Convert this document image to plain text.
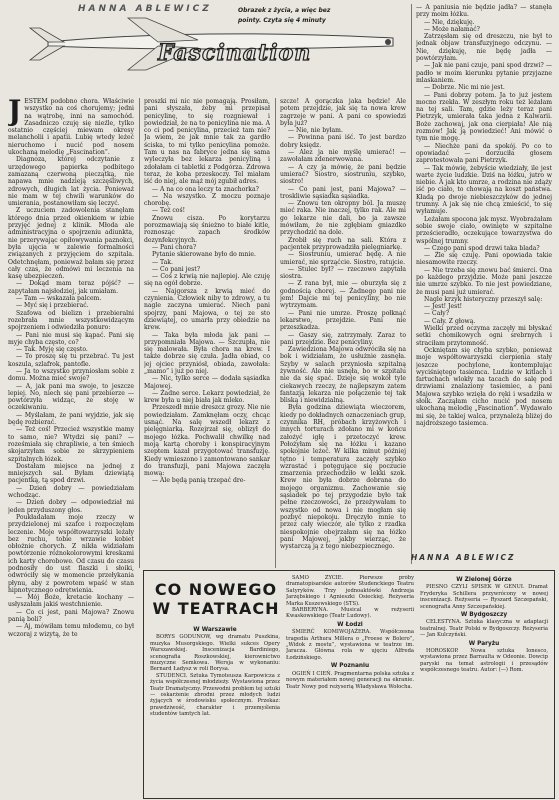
HANNA ABLEWICZ	Obrazek z życia, a więc bez
pointy. Czyta się 4 minuty
Fascination

JESTEM podobno chora. Właściwie wszystko na coś chorujemy; jedni na wątrobę, inni na samochód. Zasadniczo czuję się nieźle, tylko ostatnio częściej miewam okresy melancholii i apatii. Lubię wtedy leżeć nieruchomo i nucić pod nosem ukochaną melodię „Fascination”.

Diagnoza, której odczytanie z urzędowego papierka podbitego zamazaną czerwoną pieczątką, nie napawa mnie nadzieją szczęśliwych, zdrowych, długich lat życia. Ponieważ nie mam w tej chwili warunków do umierania, postanowiłam się leczyć.

Z uczuciem zadowolenia stanęłam którego dnia przed okienkiem w izbie przyjęć jednej z klinik. Młoda ale administracyjna o spojrzeniu adiunkta, nie przerywając opiłowywania paznokci, była ujęcia w zalewie formalności związanych z przyjęciem do szpitala. Odetchnęłam, ponieważ bałam się przez cały czas, że odmówi mi leczenia na kasę ubezpieczeń.

— Dokąd mam teraz pójść? — zapytałam najsłodziej, jak umiałam.

— Tam — wskazała palcem.

— Myć się i przebierać.

Szafowa od bielizn i przebieralni rozebrała mnie wszystkowidzącym spojrzeniem i odwiedziła ponuro:

— Pani nie musi się kąpać. Pani się myje chyba często, co?

— Tak. Myję się często.

— To proszę się tu przebrać. Tu jest koszula, szlafrok, pantofle.

— Ja to wszystko przyniosłam sobie z domu. Można mieć swoje?

— A, jak pani ma swoje, to jeszcze lepiej. No, niech się pani przebierze — powtórzyła widząc, że stoję w oczekiwaniu.

— Myślałam, że pani wyjdzie, jak się będę rozbierać.

— Też coś! Przecież wszystkie mamy to samo, nie? Wtydzi się pani? — roześmiała się chrapliwie, a ten śmiech skojarzyłam sobie ze skrzypieniem szpitalnych łóżek.

Dostałam miejsce na jednej z mniejszych sal. Byłam dziewiątą pacjentką, tą spod drzwi.

— Dzień dobry — powiedziałam wchodząc.

— Dzień dobry — odpowiedział mi jeden przyduszony głos.

Poukładałam moje rzeczy w przydzielonej mi szafce i rozpoczęłam leczenie. Moje współtowarzyszki leżały bez ruchu, tobie wrzawie kobiet obłożnie chorych. Z nikła widziałam powtórzenie różnokolorowymi kreskami ich karty chorobowe. Od czasu do czasu podnosiły do ust flaszki i słoiki, odwróciły się w momencie przełykania płynu, aby z powrotem wpaść w stan hipnotycznego odrętwienia.

— Mój Boże, kretacie kochany — usłyszałam jakiś westchnienie.

— Co ci jest, pani Majowa? Znowu panią boli?

— Aj, mówiłam temu młodemu, co był wczoraj z wizytą, że te

proszki mi nic nie pomagają. Prosiłam, pani słyszała, żeby mi przepisał penicylinę, to się rozgniewał i powiedział, że na to penicylina nie ma. A co ci pod penicylina, przecież tam nie? Ja wiem, że jak mnie tak za gardło ściska, to mi tylko penicylina pomoże. Tam u nas na fabryce jedna się sama wyleczyła bez lekarza penicyliną i zdołałam ci tabletki z Podgórza. Zdrowa teraz, że koba przeskoczy. Tel miałam iść do niej, ale mąż mój zgubił adres.

— A na co ona leczy ta znachorka?

— Na wszystko. Z moczu poznaje chorobę.

— Też coś!

Znowu cisza. Po korytarzu porozmawiają się śnieżno to białe kitle, roznosząc zapach środków dezynfekcyjnych.

— Pani chora?

Pytanie skierowane było do mnie.

— Tak.

— Co pani jest?

— Coś z krwią nie najlepiej. Ale czuję się na ogół dobrze.

— Najgorsza z krwią mieć do czynienia. Człowiek niby to zdrowy, a tu nagle zaczyna umierać. Niech pani spojrzy, pani Majowa, o tej ze sto dziewiątej, co umarła przy obiedzie na krew.

— Taka była młoda jak pani — przypomniała Majowa. — Szczupła, nie się malowała. Była chora na krew. I także dobrze się czuła. Jadła obiad, co jej ojciec przyniósł, obiada, zawołała: „mamo” i już po niej.

— Nic, tylko serce — dodała sąsiadka Majowej.

— Żadne serce. Lekarz powiedział, że krew była u niej biała jak mleko.

Przeszedł mnie dreszcz grozy. Nie nie powiedziałam. Zamknęłam oczy, chcąc usnąć. Na salę wszedł lekarz z pielęgniarką. Rozejrzał się, oblizył do mojego łóżka. Pochwalił chwilkę nad moją kartą choroby i konspiracyjnym szeptem kazał przygotować transfuzję. Kiedy wmieszono i zamontowano sankar do transfuzji, pani Majowa zaczęła mową:

— Ale będą panią trzepać dre-

szcze! A gorączka jaka będzie! Ale potem przejdzie, jak się ta nowa krew zagrzeje w pani. A pani co spowiedzi była już?

— Nie, nie byłam.

— Powinna pani iść. To jest bardzo dobry księdz.

— Alez ja nie myślę umierać! — zawołałam zdenerwowana.

— A czy ja mówię, że pani będzie umierać? Siostro, siostruniu, szybko, siostro!

— Co pani jest, pani Majowa? — troskliwie sąsiadka sąsiadka.

— Znowu ten okropny ból. Ja muszę mieć raka. Nie inaczej, tylko rak. Ale mi go lekarze nie dali, bo ja zawsze mówiłam, że nie zgłębiam gniazdko przychodzić na dole.

Zrobił się ruch na sali. Która z pacjentek przyprowadziła pielęgniarkę.

— Siostruniu, umierać będę. A nie umierać, nie sprząćcie. Siostro, ratujcie.

— Stulec był? — rzeczowo zapytała siostra.

— Z rana był, mie — oburzyła się z godnością chorej. — Żadnego pani nie jem! Dajcie mi tej penicyliny, bo nie wytrzymam.

— Pani nie umrze. Proszę połknąć lekarstwo, przejdzie. Pani nie przeszkadza.

— Gaszy się, zatrzymały. Zaraz to pani przejdzie. Bez penicyliny.

Zawiedziona Majowa odwróciła się na bok i widziałam, że usłużnie zasnęła. Szyby w salach przyniosła szpitalną żywność. Ale nie usnęła, bo w szpitalu nie da się spać. Dzieje się wokół tyle ciekawych rzeczy, że najlepszym zatem fantazją lekarza nie połączenie tej tak bliską i niewidzialną.

Była godzina dziewiąta wieczorem, kiedy po dokładnych oznaczeniach grup, czynnika RH, próbach krzyżowych i innych torturach zdołano mi w końcu założyć igłę i przetoczyć krew. Położyłam się na łóżku i kazano spokojnie leżeć. W kilka minut później tętno i temperatura zaczęły szybko wzrastać i potęgujące się poczucie zmarzenia przechodziło w lekki szok. Krew nie była dobrze dobrana do mojego organizmu. Zachowanie się sąsiadek po tej przygodzie było tak pełne rzeczowości, że przeżywałam to wszystko od nowa i nie mogłam się pozbyć niepokoju. Dręczyło mnie to przez cały wieczór, ale tylko z rzadka niespokojnie obejrzałam się na łóżko pani Majowej, jakby wierząc, że wystarczą ją z tego niebezpiecznego.

— A paniusia nie będzie jadła? — stanęła przy moim łóżku.

— Nie, dziękuję.

— Może nałamać?

Zatrzęsłam się od dreszczu, nie był to jednak objaw transfuzyjnego odczynu. — Nie, dziękuję, nie będę jadła — powtórzyłam.

— Jak nie pani czuje, pani spod drzwi? — padło w moim kierunku pytanie przyjazne mlaskaniem.

— Dobrze. Nic mi nie jest.

— Pani dobrzy potem. Ja to już jestem mocno rzekła. W zeszłym roku też leżałam na tej sali. Tam, gdzie leży teraz pani Pietrzyk, umierała taka jedna z Kalwarii. Boże zachowaj, jak ona cierpiała! Ale nią rozmów! Jak ją powiedzieć! Ani mówić o tym nie mogę.

— Niechże pani da spokój. Po co to opowiadać — dorzuciła głosem zaprotestowała pani Pietrzyk.

— Tak mówię, żebyście wiedziały, ile jest warte życie ludzkie. Dziś na łóżku, jutro w niebie. A jak kto umrze, a rodzina nie zdąży iść po ciało, to chowają na koszt państwa. Kładą po dwoje niebieszczyków do jednej trumny. A jak się nie chcą zmieścić, to się wyłamuje.

Leżałam spocona jak mysz. Wyobrażałam sobie swoje ciało, owinięte w szpitalne prześcieradło, oczekujące towarzystwa do wspólnej trumny.

— Czego pani spod drzwi taka blada?

— Źle się czuję. Pani opowiada takie niesamowite rzeczy.

— Nie trzeba się znowu bać śmierci. Ona po każdego przyjdzie. Może pani jeszcze nie umrze szybko. To nie jest powiedziane, że musi pani już umierać.

Nagle krzyk histeryczny przeszył salę:

— Jest! Jest!

— Cały?

— Cały. Z głową.

Wielki przed oczyma zaczęły mi błyskać setki chomikowych ogni srebrnych i straciłam przytomność.

Ockniętam się chyba szybko, ponieważ moje współtowarzyszki cierpienia stały jeszcze pochylone, kontemplując wyciśniętego tasiemca. Ludzie w kitlach i fartuchach wlokły na tacach do salę pod drzwiami znalaziony tasiemiec, a pani Majowa szybko wzięła do ręki i wsadziła w słoik. Zacząłam cicho nucić pod nosem ukochaną melodię „Fascination”. Wydawało mi się, że takiej walca, przynależą bliżej do najdroższego tasiemca.

HANNA ABLEWICZ
CO NOWEGO W TEATRACH
W Warszawie

BORYS GODUNOW, wg dramatu Puszkina, muzyka Musorgskiego. Wielki sukces Opery Warszawskiej. Inscenizacja Bardiniego, scenografia Roszkowskiej, kierownictwo muzyczne Semkowa. Wersja w wykonaniu: Bernard Ładysz w roli Borysa.

STUDENCI. Sztuka Tymoteusza Karpowicza z życia współczesnej młodzieży. Wystawiona przez Teatr Dramatyczny. Przewodni problem tej sztuki — oskarżenie zbrodni przez młodych ludzi żyjących w środowisku społecznym. Przekaz: prawdziwość, charakter i przemyślenia studentów tamtych lat.

SAMO ŻYCIE. Pierwsze próby dramatopisarskie autorów Studenckiego Teatru Satyryków. Trzy jednoaktówki Andrzeja Jarzębskiego i Agnieszki Osieckiej. Reżyseria Marka Kuszewskiego (STS).

BARBERYNA. Musical w reżyserii Kwaskowskiego (Teatr Ludowy).

W Łodzi

ŚMIERĆ KOMIWOJAŻERA. Współczesna tragedia Arthura Millera o „Froese w Bolero”, „Widok z mostu”, wystawiona w teatrze im. Jaracza. Główna rola w ujęciu Alfreda Łodzińskiego.

W Poznaniu

OGIEŃ I CIEŃ. Pragmentarna polska sztuka z nowym materiałem nowej generacji na ekranie. Teatr Nowy pod reżyserią Władysława Wołocha.

W Zielonej Górze

PIESNO CZYLI SPISEK W GENUI. Dramat Fryderyka Schillera przywrócony w nowej inscenizacji. Reżyseria — Ryszard Szczepański, scenografia Anny Szczepańskiej.

W Bydgoszczy

CELESTYNA. Sztuka klasyczna w adaptacji teatralnej. Teatr Polski w Bydgoszczy. Reżyseria — Jan Kulczyński.

W Paryżu

HOROSKOP. Nowa sztuka Ionesco, wystawiona przez Barraulta w Odeonie. Dowcip paryski na temat astrologii i przesądów współczesnego teatru. Autor: (—) Rom.
